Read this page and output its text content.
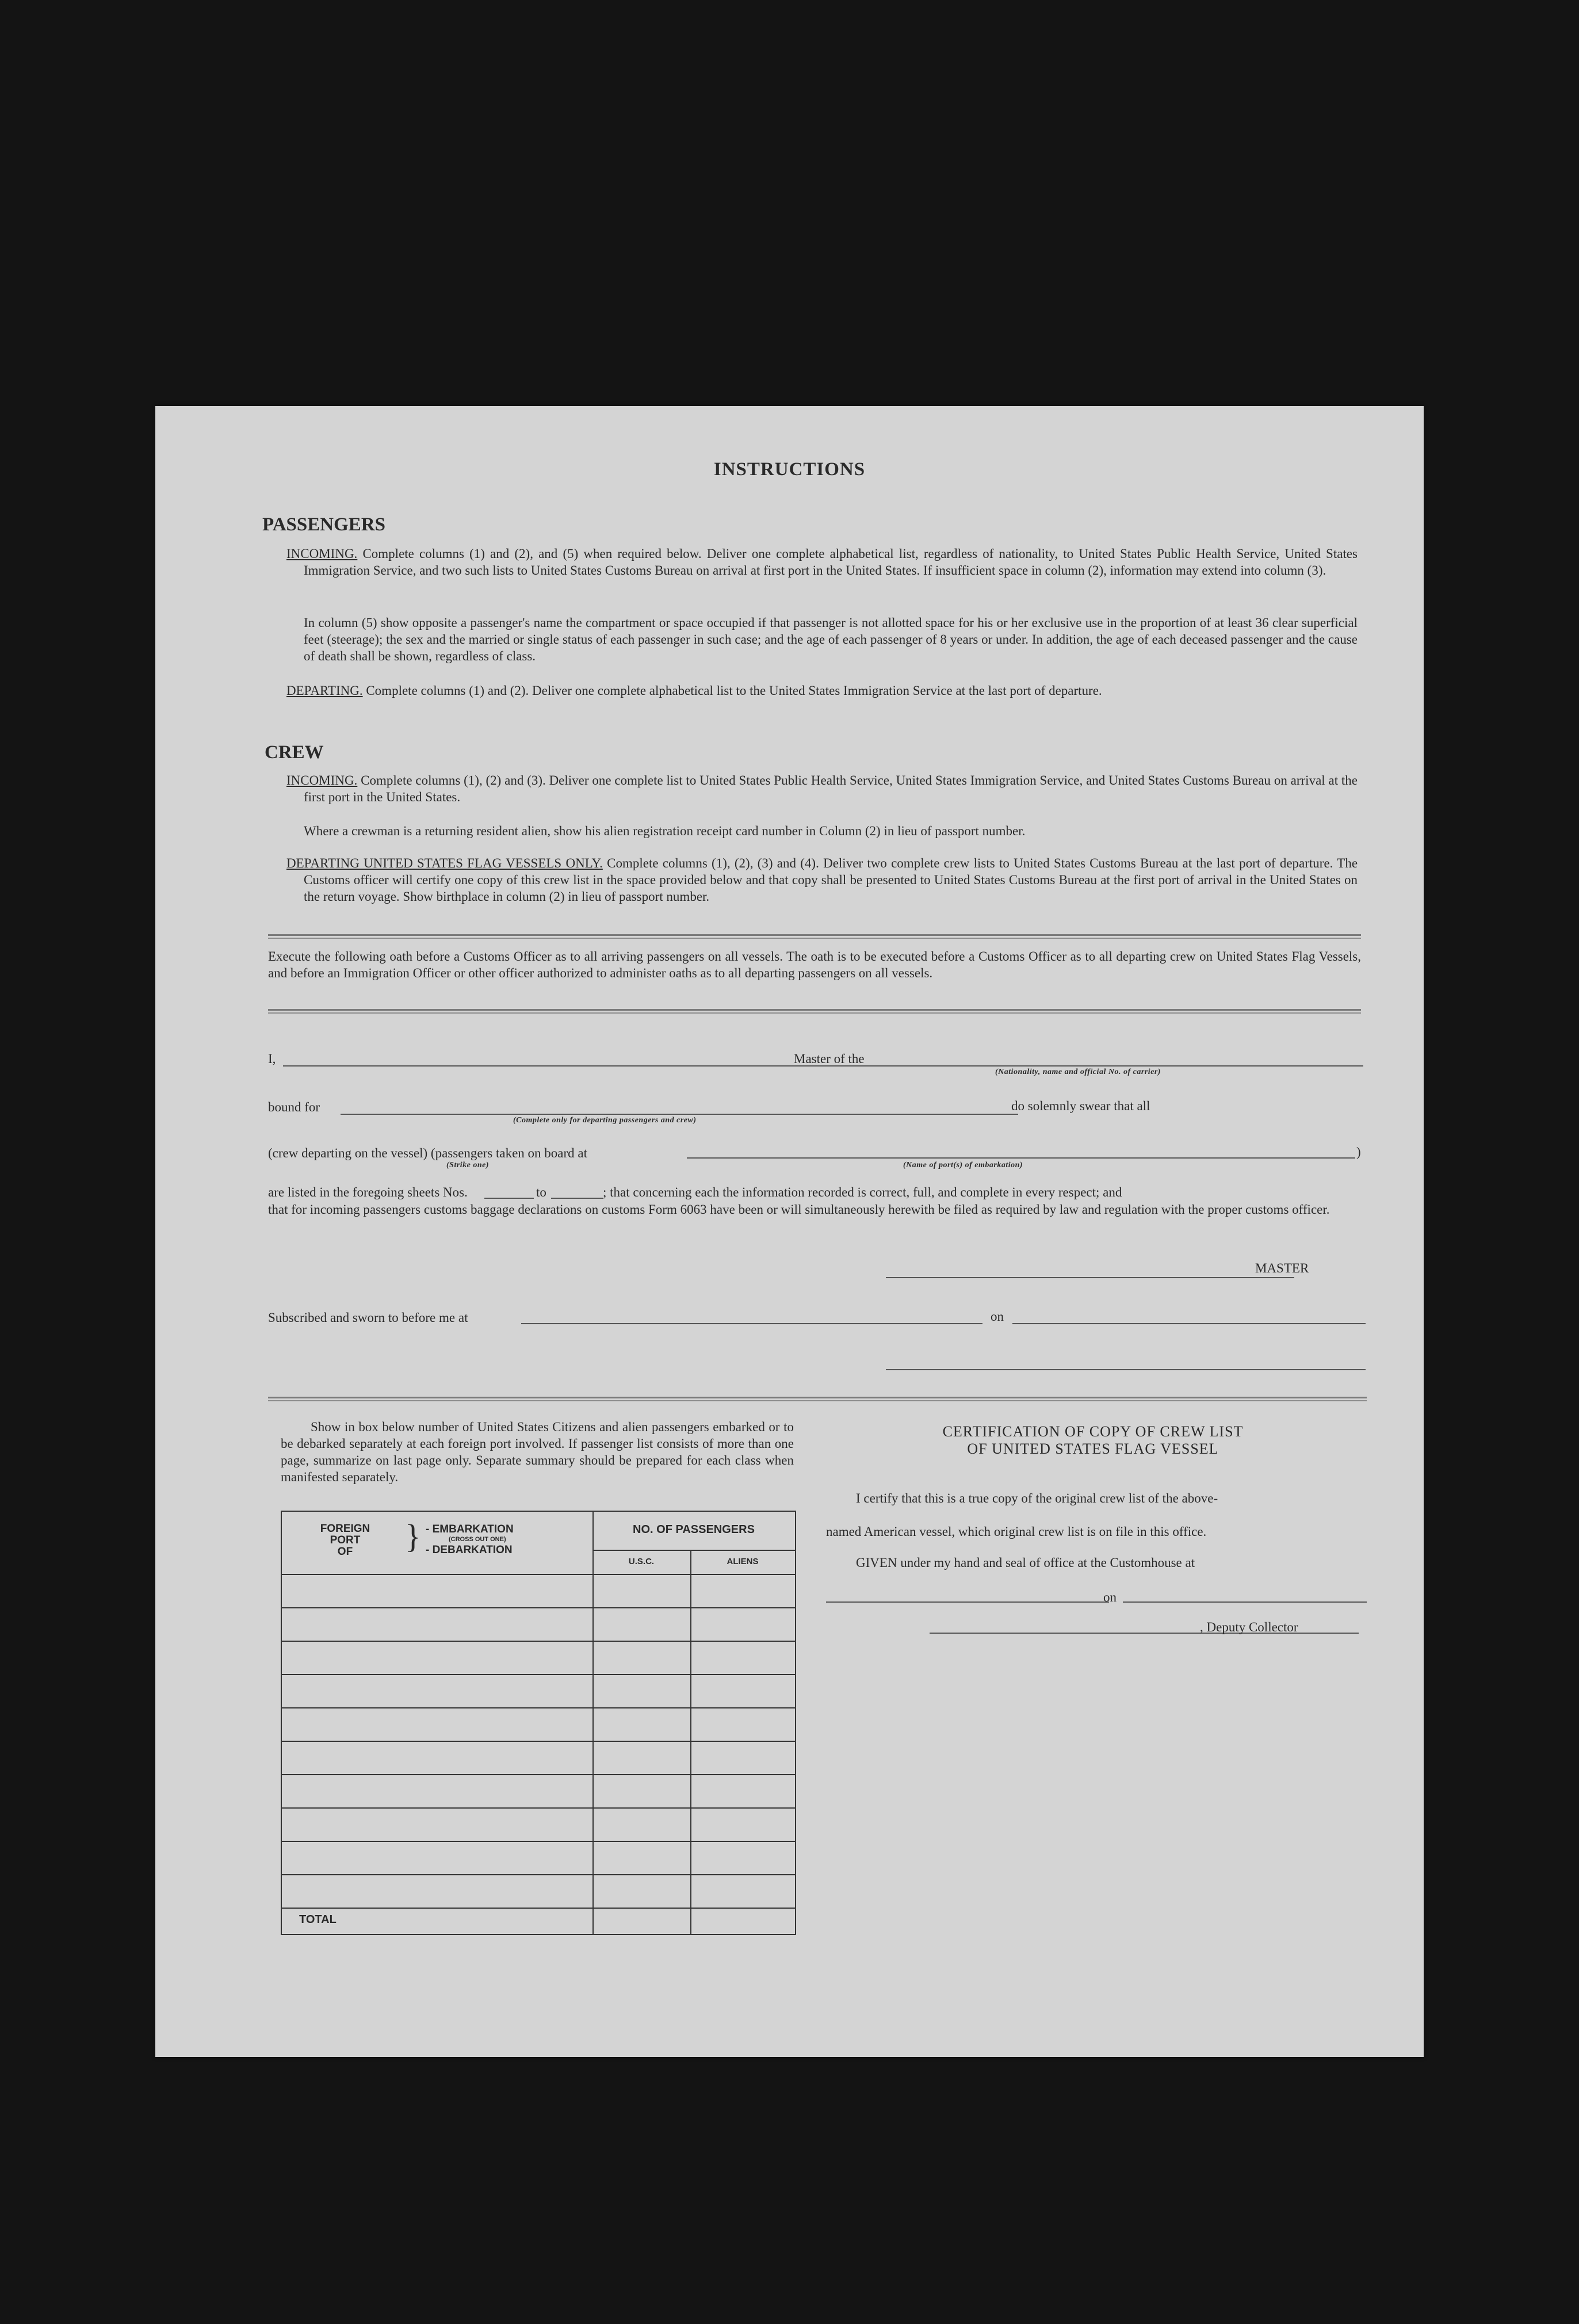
INSTRUCTIONS
PASSENGERS
INCOMING. Complete columns (1) and (2), and (5) when required below. Deliver one complete alphabetical list, regardless of nationality, to United States Public Health Service, United States Immigration Service, and two such lists to United States Customs Bureau on arrival at first port in the United States. If insufficient space in column (2), information may extend into column (3).
In column (5) show opposite a passenger's name the compartment or space occupied if that passenger is not allotted space for his or her exclusive use in the proportion of at least 36 clear superficial feet (steerage); the sex and the married or single status of each passenger in such case; and the age of each passenger of 8 years or under. In addition, the age of each deceased passenger and the cause of death shall be shown, regardless of class.
DEPARTING. Complete columns (1) and (2). Deliver one complete alphabetical list to the United States Immigration Service at the last port of departure.
CREW
INCOMING. Complete columns (1), (2) and (3). Deliver one complete list to United States Public Health Service, United States Immigration Service, and United States Customs Bureau on arrival at the first port in the United States.
Where a crewman is a returning resident alien, show his alien registration receipt card number in Column (2) in lieu of passport number.
DEPARTING UNITED STATES FLAG VESSELS ONLY. Complete columns (1), (2), (3) and (4). Deliver two complete crew lists to United States Customs Bureau at the last port of departure. The Customs officer will certify one copy of this crew list in the space provided below and that copy shall be presented to United States Customs Bureau at the first port of arrival in the United States on the return voyage. Show birthplace in column (2) in lieu of passport number.
Execute the following oath before a Customs Officer as to all arriving passengers on all vessels. The oath is to be executed before a Customs Officer as to all departing crew on United States Flag Vessels, and before an Immigration Officer or other officer authorized to administer oaths as to all departing passengers on all vessels.
I,	Master of the
(Nationality, name and official No. of carrier)
bound for
(Complete only for departing passengers and crew)
do solemnly swear that all
(crew departing on the vessel) (passengers taken on board at
(Strike one)	(Name of port(s) of embarkation)
)
are listed in the foregoing sheets Nos.	to	; that concerning each the information recorded is correct, full, and complete in every respect; and
that for incoming passengers customs baggage declarations on customs Form 6063 have been or will simultaneously herewith be filed as required by law and regulation with the proper customs officer.
MASTER
Subscribed and sworn to before me at	on
Show in box below number of United States Citizens and alien passengers embarked or to be debarked separately at each foreign port involved. If passenger list consists of more than one page, summarize on last page only. Separate summary should be prepared for each class when manifested separately.
FOREIGN
PORT
OF	} - EMBARKATION
(CROSS OUT ONE)
- DEBARKATION
NO. OF PASSENGERS
U.S.C.	ALIENS
TOTAL
CERTIFICATION OF COPY OF CREW LIST
OF UNITED STATES FLAG VESSEL
I certify that this is a true copy of the original crew list of the above-
named American vessel, which original crew list is on file in this office.
GIVEN under my hand and seal of office at the Customhouse at
on
, Deputy Collector
